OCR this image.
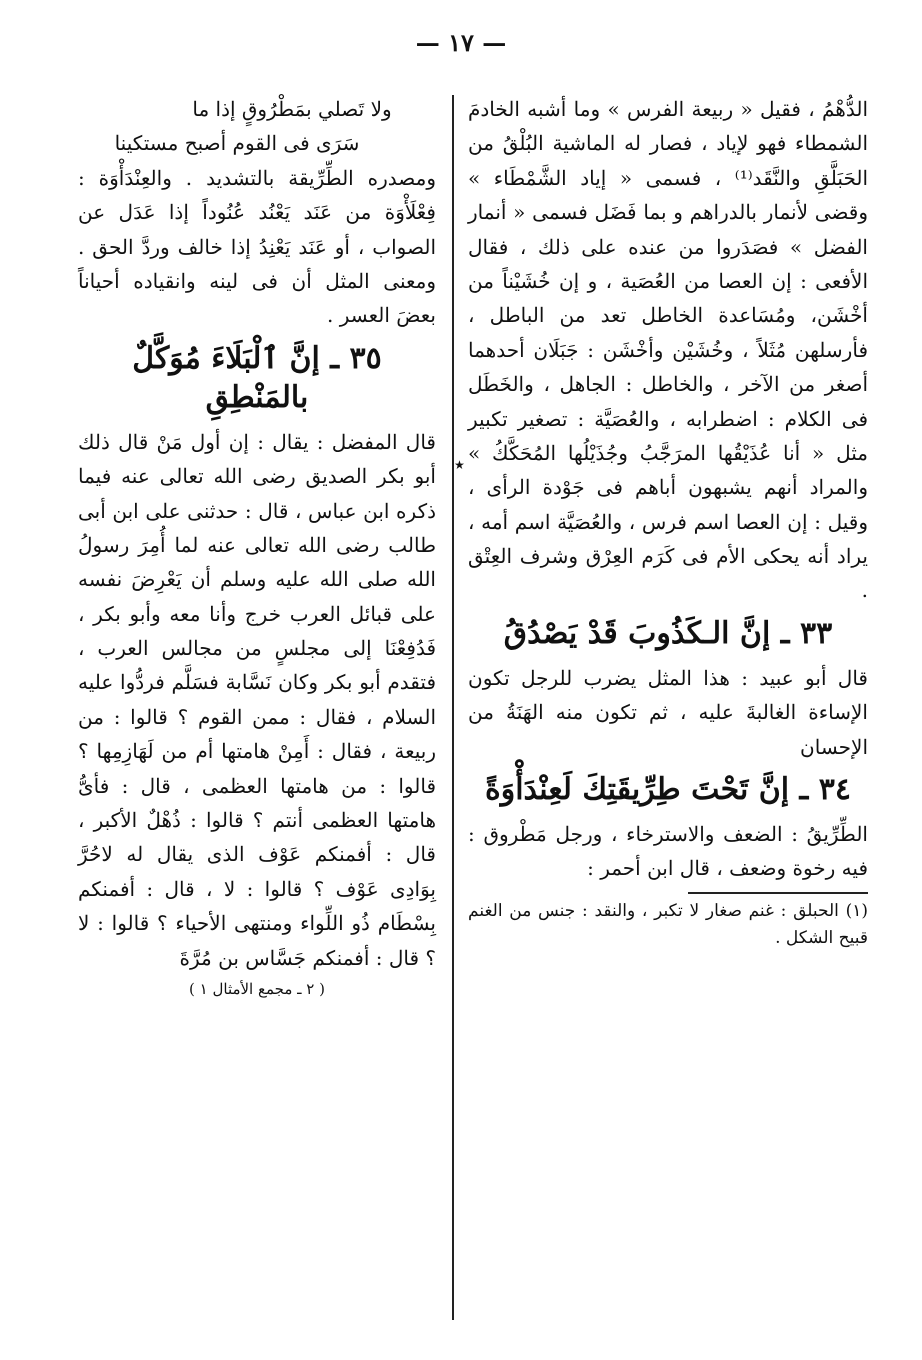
— ١٧ —
٭

الدُّهْمُ ، فقيل « ربيعة الفرس » وما أشبه الخادمَ الشمطاء فهو لإياد ، فصار له الماشية البُلْقُ من الحَبَلَّقِ والنَّقَد⁽¹⁾ ، فسمى « إياد الشَّمْطَاء » وقضى لأنمار بالدراهم و بما فَضَل فسمى « أنمار الفضل » فصَدَروا من عنده على ذلك ، فقال الأفعى : إن العصا من العُصَية ، و إن خُشَيْناً من أخْشَن، ومُسَاعدة الخاطل تعد من الباطل ، فأرسلهن مُثَلاً ، وخُشَيْن وأخْشَن : جَبَلَان أحدهما أصغر من الآخر ، والخاطل : الجاهل ، والخَطَل فى الكلام : اضطرابه ، والعُصَيَّة : تصغير تكبير مثل « أنا عُذَيْقُها المرَجَّبُ وجُذَيْلُها المُحَكَّكُ » والمراد أنهم يشبهون أباهم فى جَوْدة الرأى ، وقيل : إن العصا اسم فرس ، والعُصَيَّة اسم أمه ، يراد أنه يحكى الأم فى كَرَم العِرْق وشرف العِتْق .

٣٣ ـ إنَّ الـكَذُوبَ قَدْ يَصْدُقُ

قال أبو عبيد : هذا المثل يضرب للرجل تكون الإساءة الغالبةَ عليه ، ثم تكون منه الهَنَةُ من الإحسان

٣٤ ـ إنَّ تَحْتَ طِرِّيقَتِكَ لَعِنْدَأْوَةً

الطِّرِّيقُ : الضعف والاسترخاء ، ورجل مَطْروق : فيه رخوة وضعف ، قال ابن أحمر :

(١) الحبلق : غنم صغار لا تكبر ، والنقد : جنس من الغنم قبيح الشكل .

ولا تَصلي بمَطْرُوقٍ إذا ما
سَرَى فى القوم أصبح مستكينا

ومصدره الطِّرِّيقة بالتشديد . والعِنْدَأْوَة : فِعْلَأْوَة من عَنَد يَعْنُد عُنُوداً إذا عَدَل عن الصواب ، أو عَنَد يَعْنِدُ إذا خالف وردَّ الحق . ومعنى المثل أن فى لينه وانقياده أحياناً بعضَ العسر .

٣٥ ـ إنَّ ٱلْبَلَاءَ مُوَكَّلٌ بالمَنْطِقِ

قال المفضل : يقال : إن أول مَنْ قال ذلك أبو بكر الصديق رضى الله تعالى عنه فيما ذكره ابن عباس ، قال : حدثنى على ابن أبى طالب رضى الله تعالى عنه لما أُمِرَ رسولُ الله صلى الله عليه وسلم أن يَعْرِضَ نفسه على قبائل العرب خرج وأنا معه وأبو بكر ، فَدُفِعْنَا إلى مجلسٍ من مجالس العرب ، فتقدم أبو بكر وكان نَسَّابة فسَلَّم فردُّوا عليه السلام ، فقال : ممن القوم ؟ قالوا : من ربيعة ، فقال : أَمِنْ هامتها أم من لَهَازِمِها ؟ قالوا : من هامتها العظمى ، قال : فأىُّ هامتها العظمى أنتم ؟ قالوا : ذُهْلٌ الأكبر ، قال : أفمنكم عَوْف الذى يقال له لاحُرَّ بِوَادِى عَوْف ؟ قالوا : لا ، قال : أفمنكم بِسْطَام ذُو اللِّواء ومنتهى الأحياء ؟ قالوا : لا ؟ قال : أفمنكم جَسَّاس بن مُرَّةَ

( ٢ ـ مجمع الأمثال ١ )
